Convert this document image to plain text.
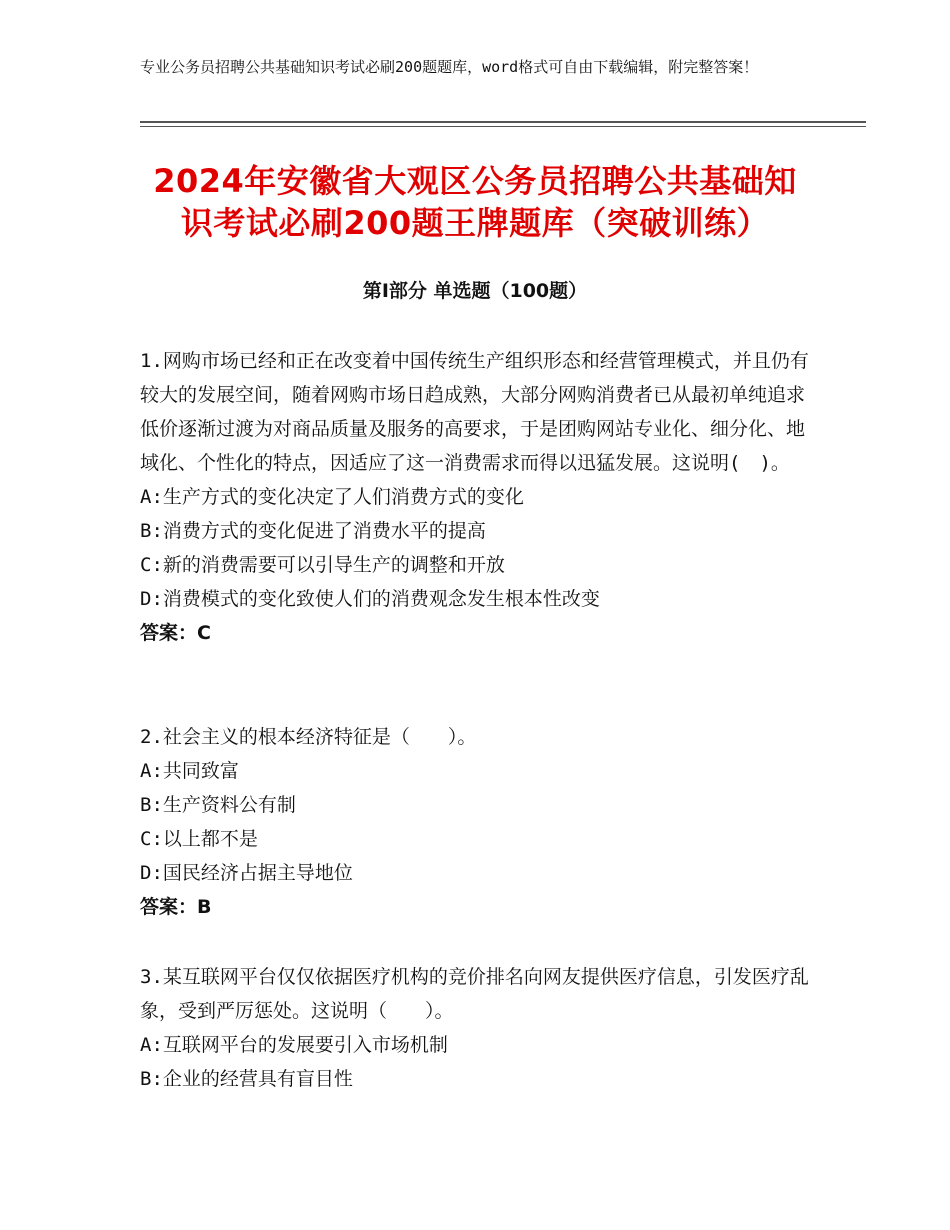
专业公务员招聘公共基础知识考试必刷200题题库，word格式可自由下载编辑，附完整答案！
2024年安徽省大观区公务员招聘公共基础知识考试必刷200题王牌题库（突破训练）
第Ⅰ部分 单选题（100题）
1.网购市场已经和正在改变着中国传统生产组织形态和经营管理模式，并且仍有较大的发展空间，随着网购市场日趋成熟，大部分网购消费者已从最初单纯追求低价逐渐过渡为对商品质量及服务的高要求，于是团购网站专业化、细分化、地域化、个性化的特点，因适应了这一消费需求而得以迅猛发展。这说明(　)。
A: 生产方式的变化决定了人们消费方式的变化
B: 消费方式的变化促进了消费水平的提高
C: 新的消费需要可以引导生产的调整和开放
D: 消费模式的变化致使人们的消费观念发生根本性改变
答案：C
2.社会主义的根本经济特征是（　　）。
A: 共同致富
B: 生产资料公有制
C: 以上都不是
D: 国民经济占据主导地位
答案：B
3.某互联网平台仅仅依据医疗机构的竞价排名向网友提供医疗信息，引发医疗乱象，受到严厉惩处。这说明（　　）。
A: 互联网平台的发展要引入市场机制
B: 企业的经营具有盲目性
